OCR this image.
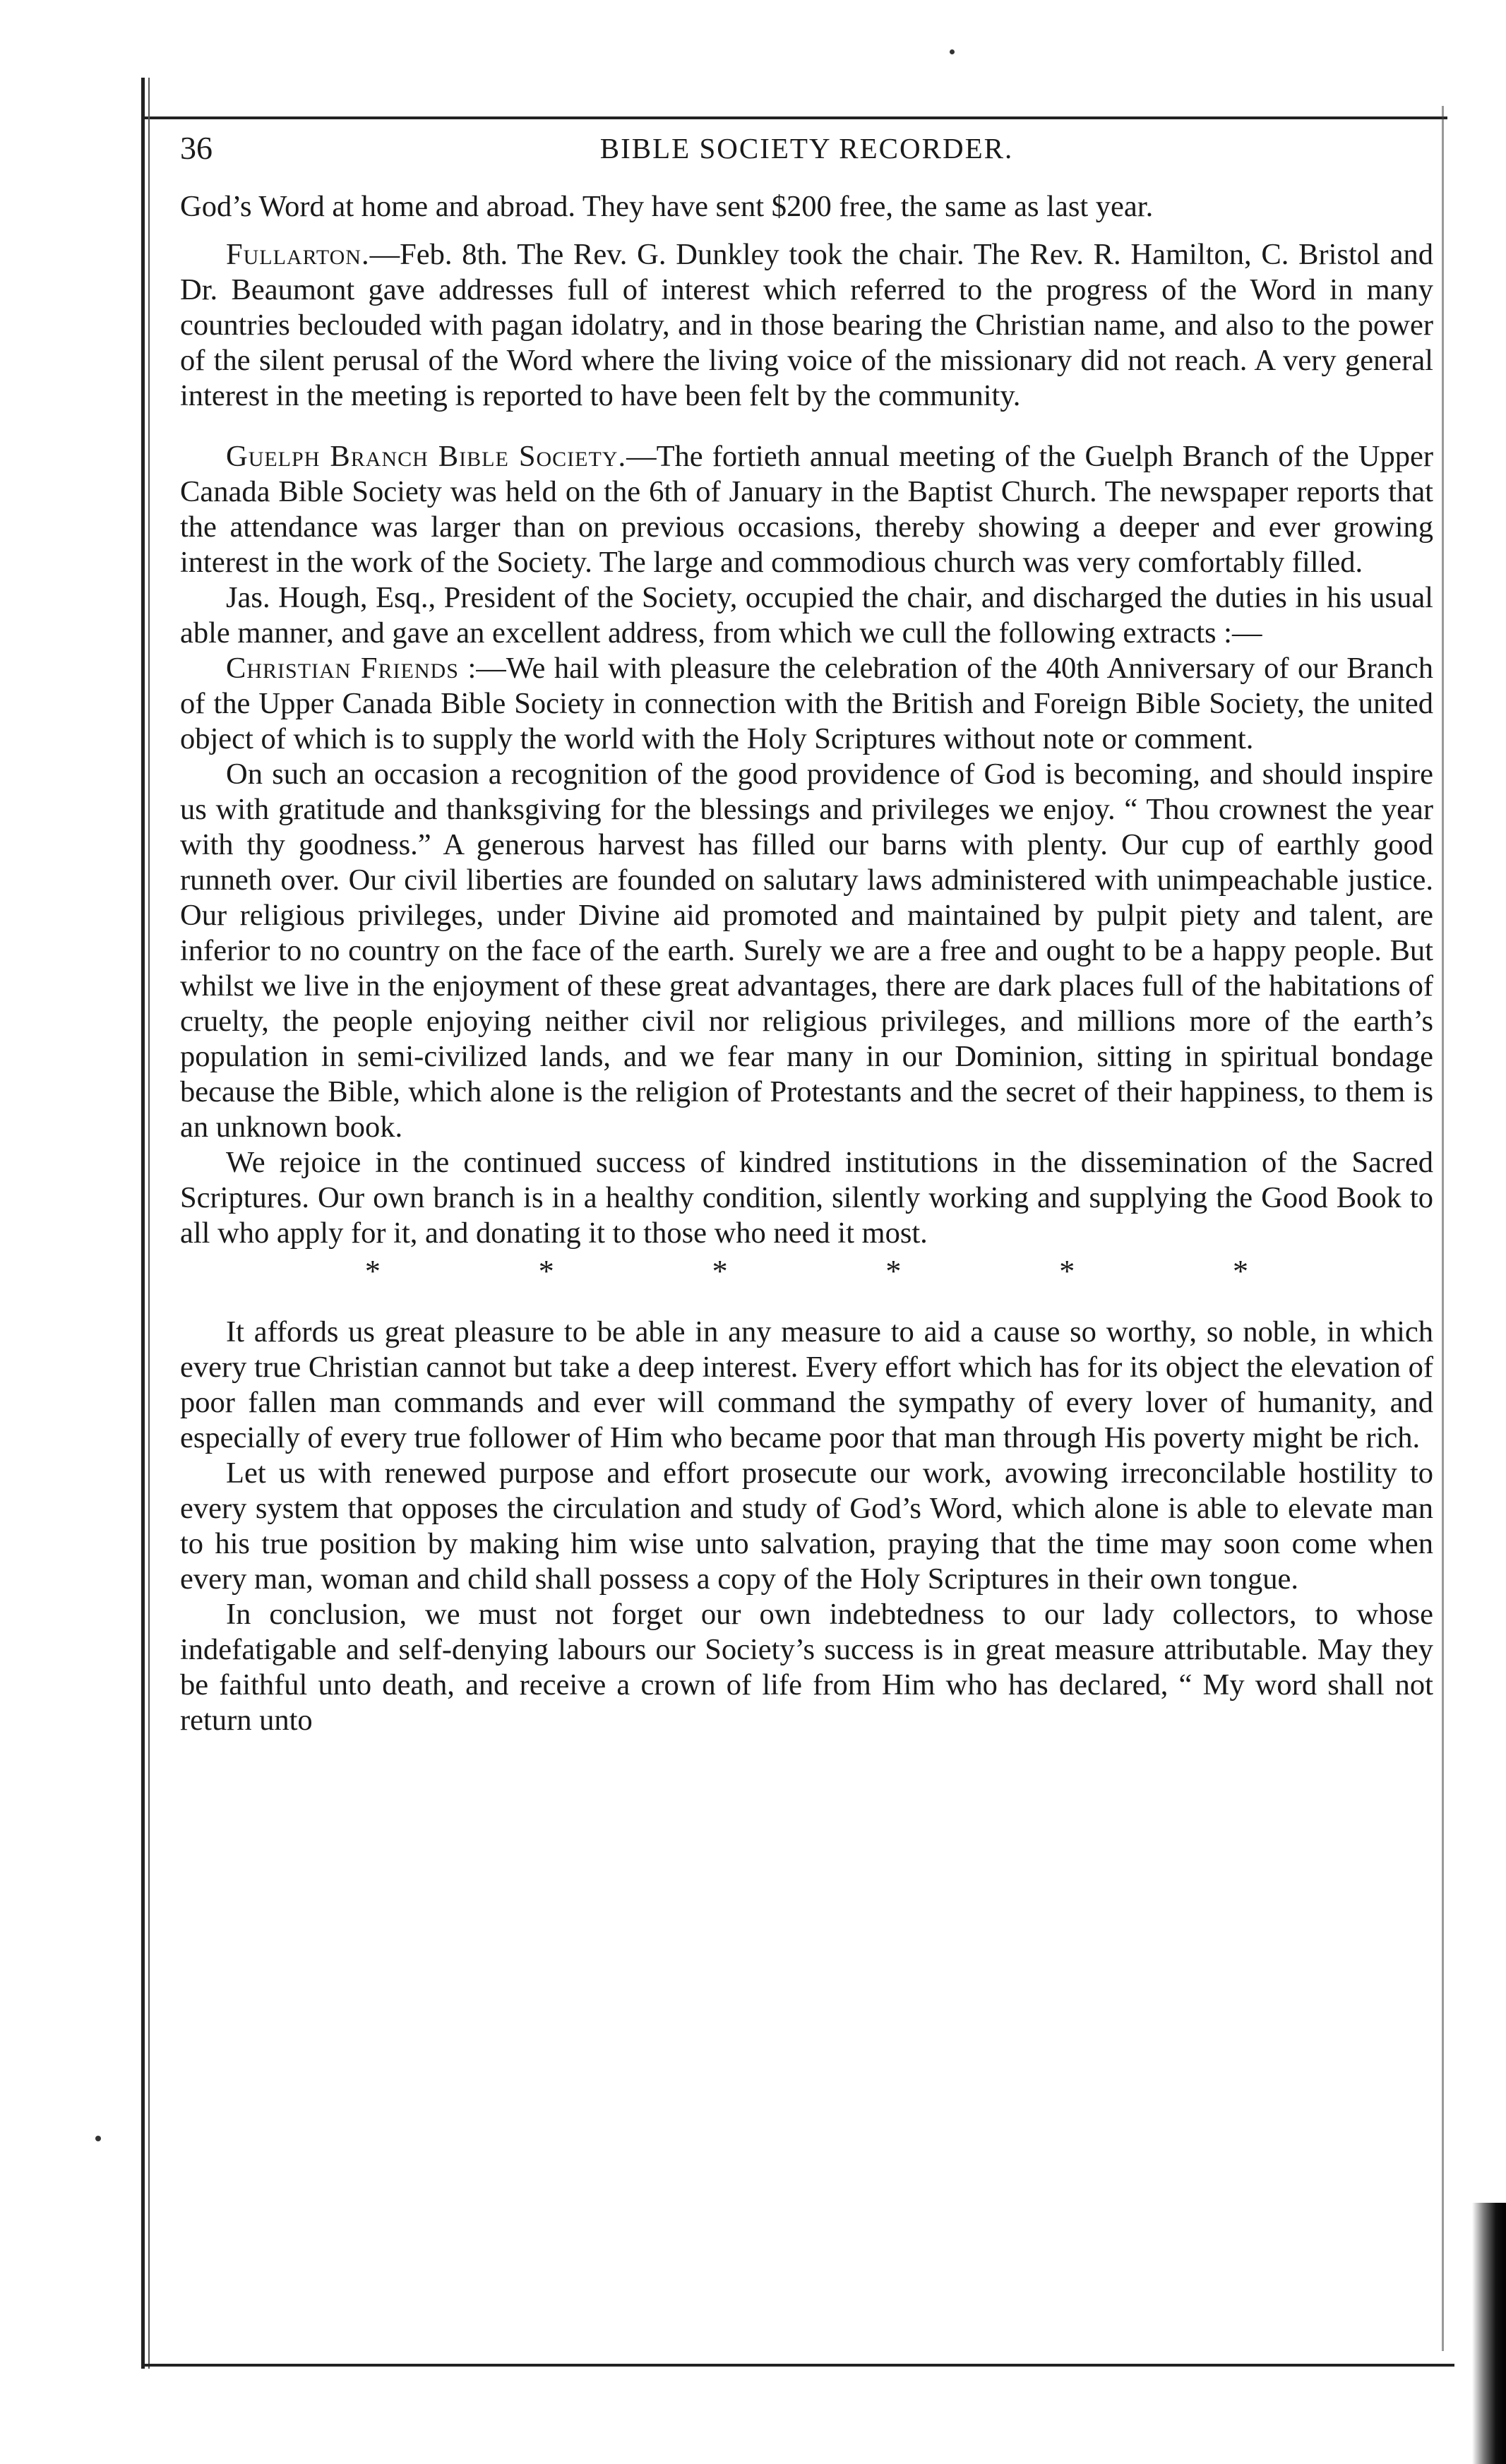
36	BIBLE SOCIETY RECORDER.

God’s Word at home and abroad. They have sent $200 free, the same as last year.

Fullarton.—Feb. 8th. The Rev. G. Dunkley took the chair. The Rev. R. Hamilton, C. Bristol and Dr. Beaumont gave addresses full of interest which referred to the progress of the Word in many countries beclouded with pagan idolatry, and in those bearing the Christian name, and also to the power of the silent perusal of the Word where the living voice of the missionary did not reach. A very general interest in the meeting is reported to have been felt by the community.

Guelph Branch Bible Society.—The fortieth annual meeting of the Guelph Branch of the Upper Canada Bible Society was held on the 6th of January in the Baptist Church. The newspaper reports that the attendance was larger than on previous occasions, thereby showing a deeper and ever growing interest in the work of the Society. The large and commodious church was very comfortably filled.

Jas. Hough, Esq., President of the Society, occupied the chair, and discharged the duties in his usual able manner, and gave an excellent address, from which we cull the following extracts :—

Christian Friends :—We hail with pleasure the celebration of the 40th Anniversary of our Branch of the Upper Canada Bible Society in connection with the British and Foreign Bible Society, the united object of which is to supply the world with the Holy Scriptures without note or comment.

On such an occasion a recognition of the good providence of God is becoming, and should inspire us with gratitude and thanksgiving for the blessings and privileges we enjoy. “ Thou crownest the year with thy goodness.” A generous harvest has filled our barns with plenty. Our cup of earthly good runneth over. Our civil liberties are founded on salutary laws administered with unimpeachable justice. Our religious privileges, under Divine aid promoted and maintained by pulpit piety and talent, are inferior to no country on the face of the earth. Surely we are a free and ought to be a happy people. But whilst we live in the enjoyment of these great advantages, there are dark places full of the habitations of cruelty, the people enjoying neither civil nor religious privileges, and millions more of the earth’s population in semi-civilized lands, and we fear many in our Dominion, sitting in spiritual bondage because the Bible, which alone is the religion of Protestants and the secret of their happiness, to them is an unknown book.

We rejoice in the continued success of kindred institutions in the dissemination of the Sacred Scriptures. Our own branch is in a healthy condition, silently working and supplying the Good Book to all who apply for it, and donating it to those who need it most.

*	*	*	*	*	*

It affords us great pleasure to be able in any measure to aid a cause so worthy, so noble, in which every true Christian cannot but take a deep interest. Every effort which has for its object the elevation of poor fallen man commands and ever will command the sympathy of every lover of humanity, and especially of every true follower of Him who became poor that man through His poverty might be rich.

Let us with renewed purpose and effort prosecute our work, avowing irreconcilable hostility to every system that opposes the circulation and study of God’s Word, which alone is able to elevate man to his true position by making him wise unto salvation, praying that the time may soon come when every man, woman and child shall possess a copy of the Holy Scriptures in their own tongue.

In conclusion, we must not forget our own indebtedness to our lady collectors, to whose indefatigable and self-denying labours our Society’s success is in great measure attributable. May they be faithful unto death, and receive a crown of life from Him who has declared, “ My word shall not return unto
